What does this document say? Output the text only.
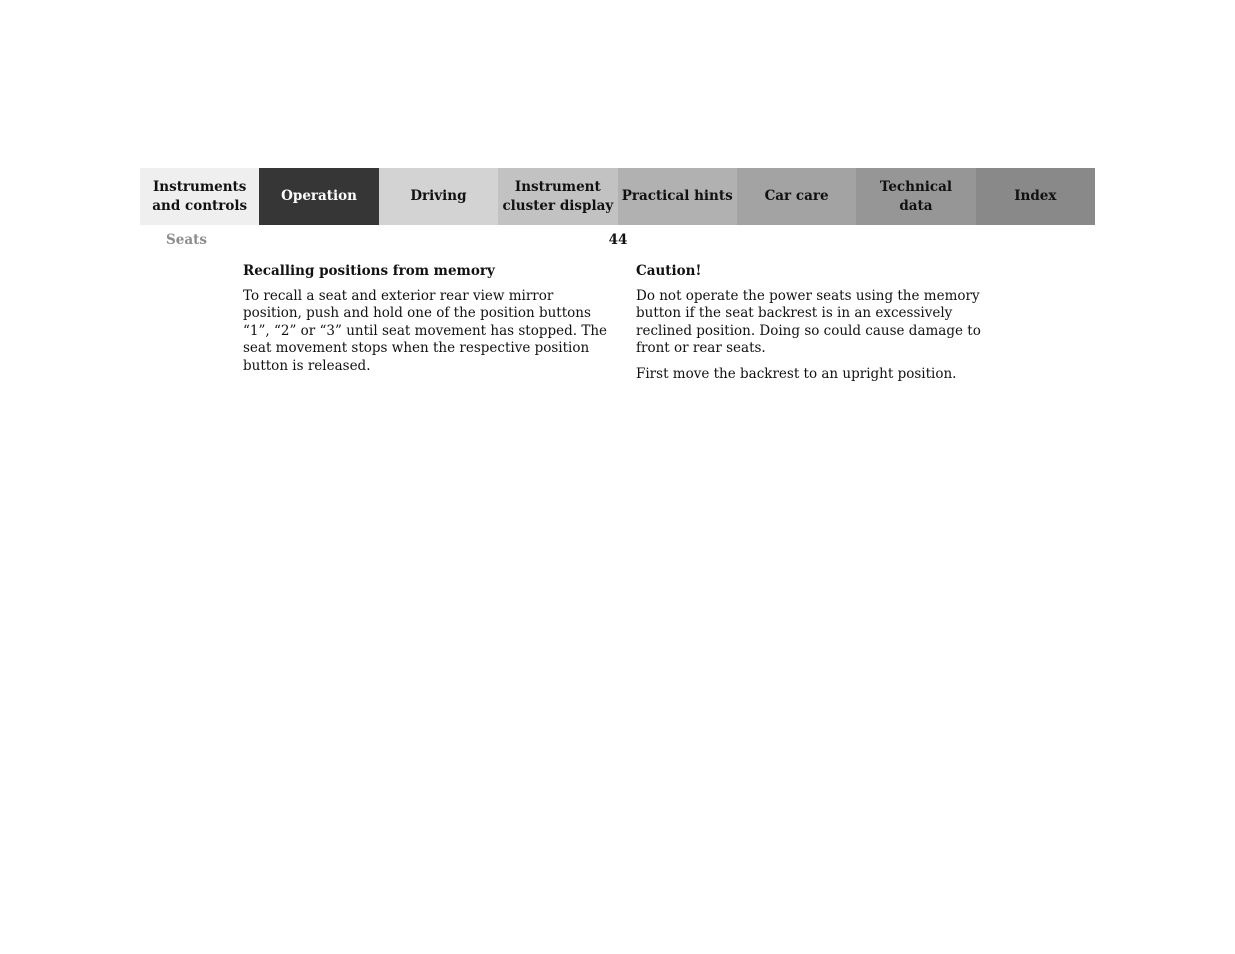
Instruments
and controls
Operation	Driving
Instrument
cluster display
Practical hints	Car care
Technical
data
Index
Seats	44
Recalling positions from memory

To recall a seat and exterior rear view mirror position, push and hold one of the position buttons “1”, “2” or “3” until seat movement has stopped. The seat movement stops when the respective position button is released.

Caution!

Do not operate the power seats using the memory button if the seat backrest is in an excessively reclined position. Doing so could cause damage to front or rear seats.

First move the backrest to an upright position.
